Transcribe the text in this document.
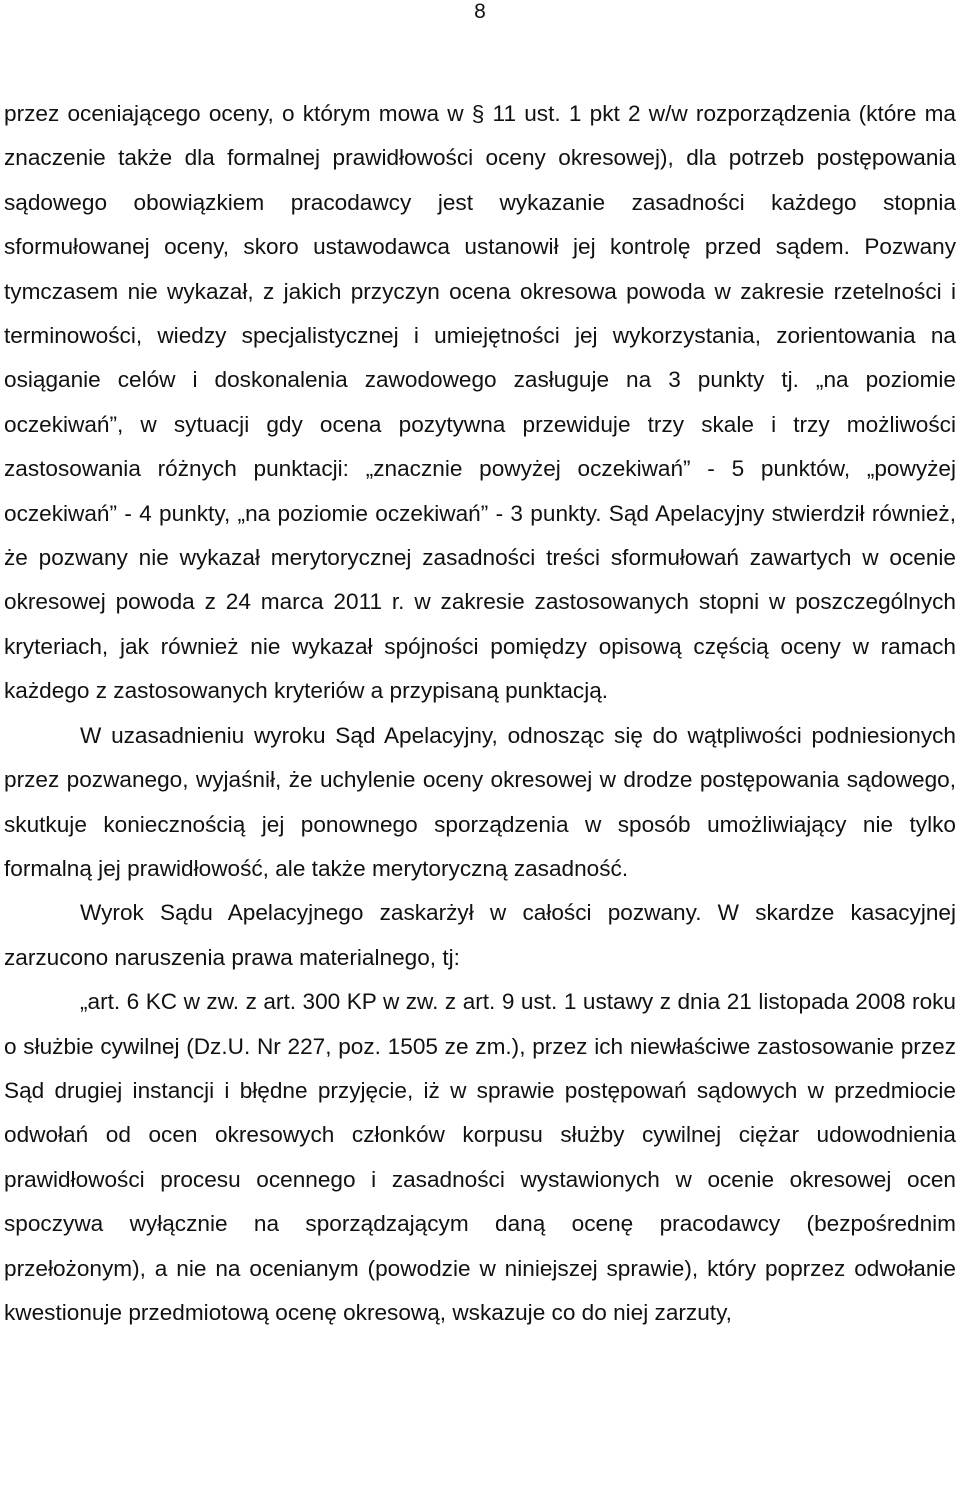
8

przez oceniającego oceny, o którym mowa w § 11 ust. 1 pkt 2 w/w rozporządzenia (które ma znaczenie także dla formalnej prawidłowości oceny okresowej), dla potrzeb postępowania sądowego obowiązkiem pracodawcy jest wykazanie zasadności każdego stopnia sformułowanej oceny, skoro ustawodawca ustanowił jej kontrolę przed sądem. Pozwany tymczasem nie wykazał, z jakich przyczyn ocena okresowa powoda w zakresie rzetelności i terminowości, wiedzy specjalistycznej i umiejętności jej wykorzystania, zorientowania na osiąganie celów i doskonalenia zawodowego zasługuje na 3 punkty tj. „na poziomie oczekiwań”, w sytuacji gdy ocena pozytywna przewiduje trzy skale i trzy możliwości zastosowania różnych punktacji: „znacznie powyżej oczekiwań” - 5 punktów, „powyżej oczekiwań” - 4 punkty, „na poziomie oczekiwań” - 3 punkty. Sąd Apelacyjny stwierdził również, że pozwany nie wykazał merytorycznej zasadności treści sformułowań zawartych w ocenie okresowej powoda z 24 marca 2011 r. w zakresie zastosowanych stopni w poszczególnych kryteriach, jak również nie wykazał spójności pomiędzy opisową częścią oceny w ramach każdego z zastosowanych kryteriów a przypisaną punktacją.

W uzasadnieniu wyroku Sąd Apelacyjny, odnosząc się do wątpliwości podniesionych przez pozwanego, wyjaśnił, że uchylenie oceny okresowej w drodze postępowania sądowego, skutkuje koniecznością jej ponownego sporządzenia w sposób umożliwiający nie tylko formalną jej prawidłowość, ale także merytoryczną zasadność.

Wyrok Sądu Apelacyjnego zaskarżył w całości pozwany. W skardze kasacyjnej zarzucono naruszenia prawa materialnego, tj:

„art. 6 KC w zw. z art. 300 KP w zw. z art. 9 ust. 1 ustawy z dnia 21 listopada 2008 roku o służbie cywilnej (Dz.U. Nr 227, poz. 1505 ze zm.), przez ich niewłaściwe zastosowanie przez Sąd drugiej instancji i błędne przyjęcie, iż w sprawie postępowań sądowych w przedmiocie odwołań od ocen okresowych członków korpusu służby cywilnej ciężar udowodnienia prawidłowości procesu ocennego i zasadności wystawionych w ocenie okresowej ocen spoczywa wyłącznie na sporządzającym daną ocenę pracodawcy (bezpośrednim przełożonym), a nie na ocenianym (powodzie w niniejszej sprawie), który poprzez odwołanie kwestionuje przedmiotową ocenę okresową, wskazuje co do niej zarzuty,
